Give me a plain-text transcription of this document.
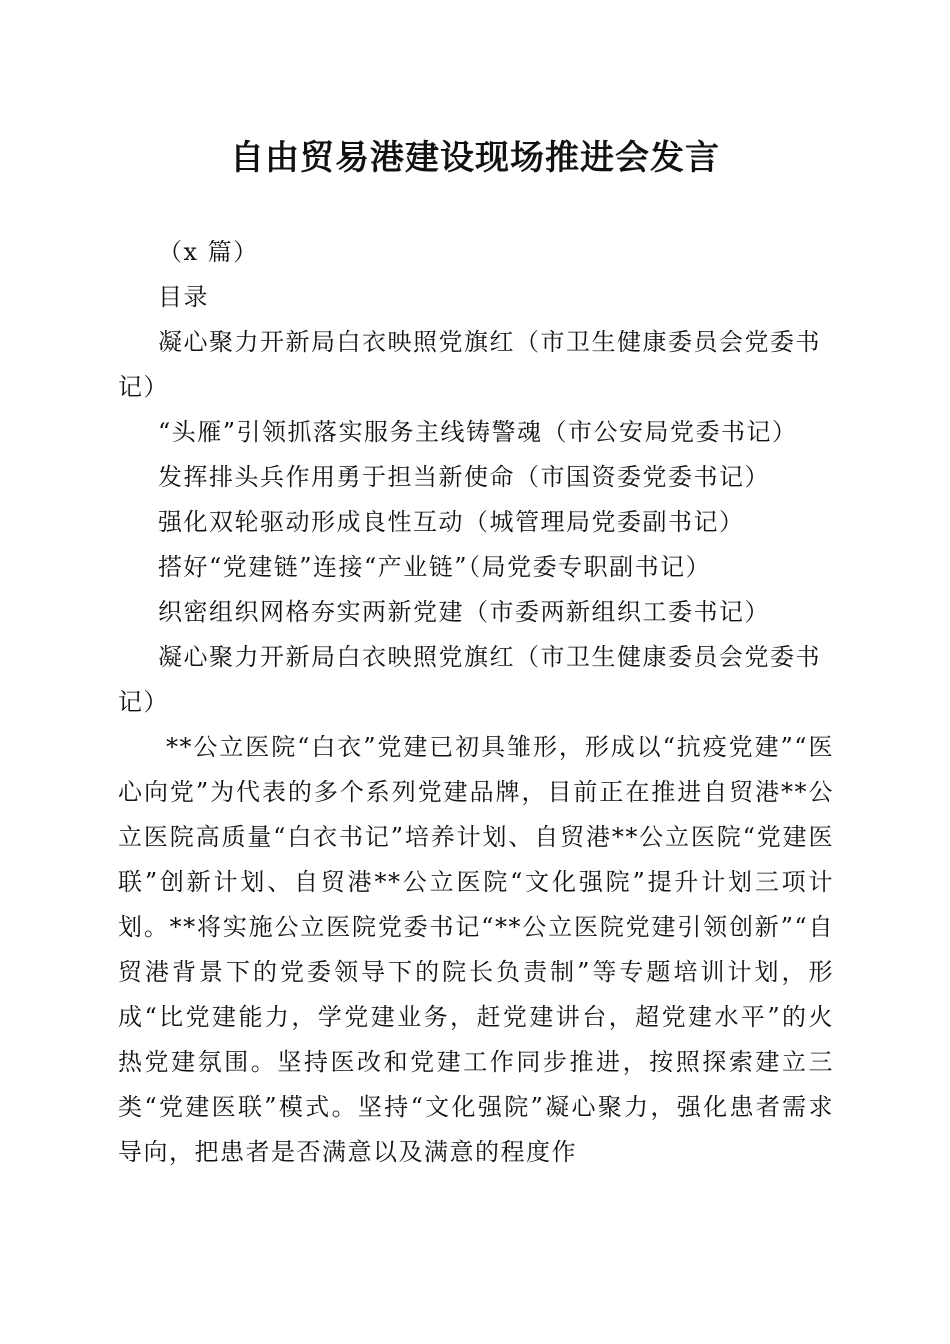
自由贸易港建设现场推进会发言

（x 篇）

目录

凝心聚力开新局白衣映照党旗红（市卫生健康委员会党委书记）

“头雁”引领抓落实服务主线铸警魂（市公安局党委书记）

发挥排头兵作用勇于担当新使命（市国资委党委书记）

强化双轮驱动形成良性互动（城管理局党委副书记）

搭好“党建链”连接“产业链”（局党委专职副书记）

织密组织网格夯实两新党建（市委两新组织工委书记）

凝心聚力开新局白衣映照党旗红（市卫生健康委员会党委书记）

**公立医院“白衣”党建已初具雏形，形成以“抗疫党建”“医心向党”为代表的多个系列党建品牌，目前正在推进自贸港**公立医院高质量“白衣书记”培养计划、自贸港**公立医院“党建医联”创新计划、自贸港**公立医院“文化强院”提升计划三项计划。**将实施公立医院党委书记“**公立医院党建引领创新”“自贸港背景下的党委领导下的院长负责制”等专题培训计划，形成“比党建能力，学党建业务，赶党建讲台，超党建水平”的火热党建氛围。坚持医改和党建工作同步推进，按照探索建立三类“党建医联”模式。坚持“文化强院”凝心聚力，强化患者需求导向，把患者是否满意以及满意的程度作
